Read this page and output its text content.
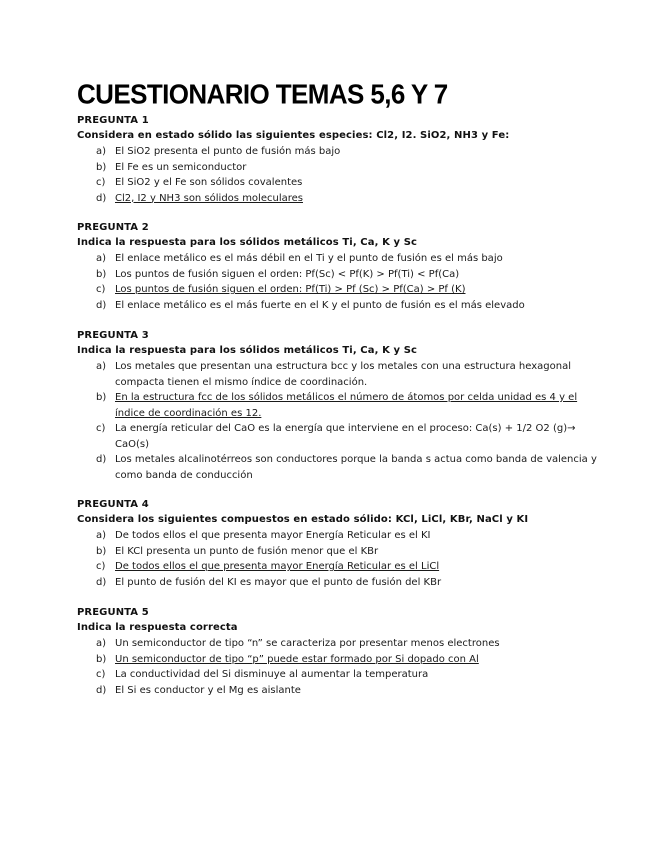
CUESTIONARIO TEMAS 5,6 Y 7

PREGUNTA 1

Considera en estado sólido las siguientes especies: Cl2, I2. SiO2, NH3 y Fe:

a) El SiO2 presenta el punto de fusión más bajo
b) El Fe es un semiconductor
c) El SiO2 y el Fe son sólidos covalentes
d) Cl2, I2 y NH3 son sólidos moleculares

PREGUNTA 2

Indica la respuesta para los sólidos metálicos Ti, Ca, K y Sc

a) El enlace metálico es el más débil en el Ti y el punto de fusión es el más bajo
b) Los puntos de fusión siguen el orden: Pf(Sc) < Pf(K) > Pf(Ti) < Pf(Ca)
c) Los puntos de fusión siguen el orden: Pf(Ti) > Pf (Sc) > Pf(Ca) > Pf (K)
d) El enlace metálico es el más fuerte en el K y el punto de fusión es el más elevado

PREGUNTA 3

Indica la respuesta para los sólidos metálicos Ti, Ca, K y Sc

a) Los metales que presentan una estructura bcc y los metales con una estructura hexagonal compacta tienen el mismo índice de coordinación.
b) En la estructura fcc de los sólidos metálicos el número de átomos por celda unidad es 4 y el índice de coordinación es 12.
c) La energía reticular del CaO es la energía que interviene en el proceso: Ca(s) + 1/2 O2 (g)→ CaO(s)
d) Los metales alcalinotérreos son conductores porque la banda s actua como banda de valencia y como banda de conducción

PREGUNTA 4

Considera los siguientes compuestos en estado sólido: KCl, LiCl, KBr, NaCl y KI

a) De todos ellos el que presenta mayor Energía Reticular es el KI
b) El KCl presenta un punto de fusión menor que el KBr
c) De todos ellos el que presenta mayor Energía Reticular es el LiCl
d) El punto de fusión del KI es mayor que el punto de fusión del KBr

PREGUNTA 5

Indica la respuesta correcta

a) Un semiconductor de tipo “n” se caracteriza por presentar menos electrones
b) Un semiconductor de tipo “p” puede estar formado por Si dopado con Al
c) La conductividad del Si disminuye al aumentar la temperatura
d) El Si es conductor y el Mg es aislante
